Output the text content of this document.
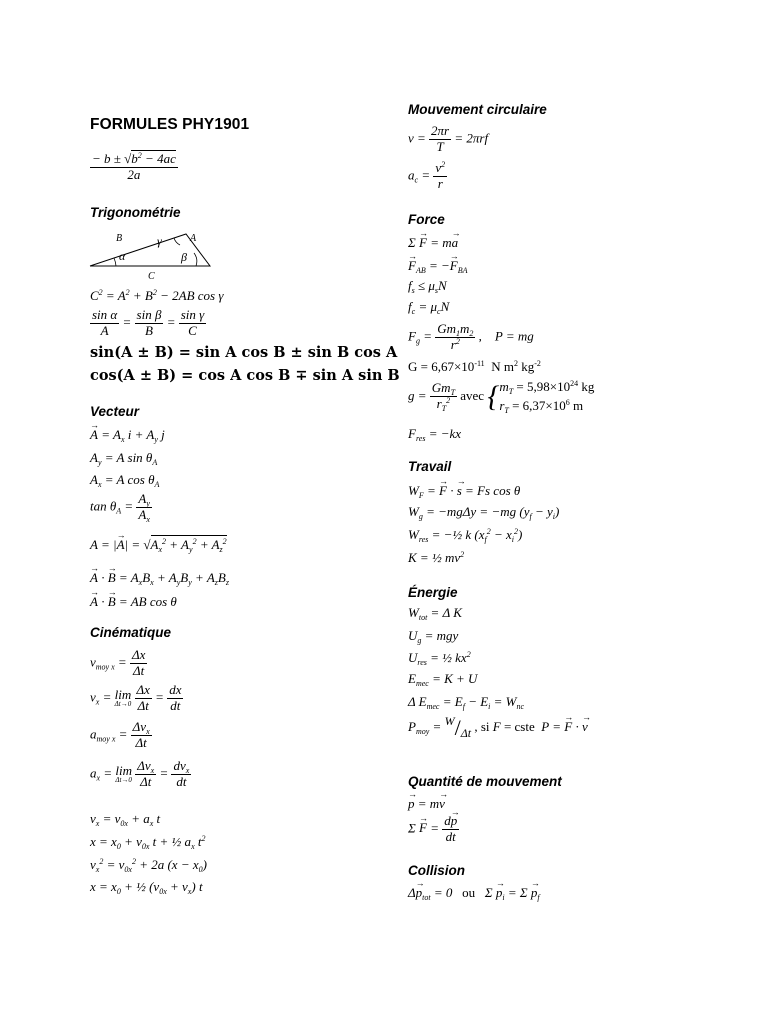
FORMULES PHY1901
$\frac{- b \pm √b^2 - 4ac}{2a}$
Trigonométrie
B	A
γ
α	β
C
$C^2 = A^2 + B^2 - 2AB$ cos γ
$\frac{\text{sin α}}{A} = \frac{\text{sin β}}{B} = \frac{\text{sin γ}}{C}$
sin(A ± B) = sin A cos B ± sin B cos A
cos(A ± B) = cos A cos B ∓ sin A sin B
Vecteur
→ $A = A_x$ $i + A_y$ j
$A_y = A$ $\sin \theta_A$
$A_x = A$ $\cos \theta_A$
$\tan \theta_A = \frac{A_y}{A_x}$
A = |→ $A| = √A_x^2 + A_y^2 + A_z^2$
→ A · → $B = A_xB_x + A_yB_y + A_zB_z$
→ A · → B = AB cos θ
Cinématique
$v_{moy x} = \frac{\Delta x}{\Delta t}$
$v_x = \lim$
Δt→0
$\frac{\Delta x}{\Delta t} = \frac{dx}{dt}$
$a_{moy x} = \Delta v_x$
Δt
$a_x = \lim$
Δt→0

$\Delta v_x$
Δt
= $dv_x$
dt
$v_x = v_{0x} + a_x$ t
$x = x_0 + v_{0x}$ t + ½ $a_x$ $t^2$
$v_x^2 = v_{0x}^2 + 2a$ $(x - x_0)$
$x = x_0$ + ½ $(v_{0x} + v_x)$ t
Mouvement circulaire
$v = \frac{2\pi r}{T} = 2\pi rf$
$a_c = \frac{v^2}{r}$
Force
Σ → F = m→ a
→ $F_{AB}$ = −→ $F_{BA}$
$f_s \le \mu_sN$
$f_c = \mu_cN$
$F_g = \frac{Gm_1m_2}{r^2}$ ,    P = mg
$G = 6,67\times 10^{-11}$ N $m^2$ $kg^{-2}$
$g = Gm_T$
$r_T^2$ avec { $m_T = 5,98\times 10^{24}$ kg
$r_T = 6,37\times 10^6$ m
$F_{res} = -kx$
Travail
$W_F$ = → F · → s = Fs cos θ
$W_g = -mg\Delta y = -mg$ $(y_f - y_i)$
$W_{res}$ = −½ k $(x_f^2 - x_i^2)$
K = ½ $mv^2$
Énergie
$W_{tot} = \Delta$ K
$U_g$ = mgy
$U_{res}$ = ½ $kx^2$
$E_{mec} = K + U$
Δ $E_{mec} = E_f - E_i = W_{nc}$
$P_{moy} = ^W/_{\Delta t}$ , si F = cste  P = → F · → v
Quantité de mouvement
→ p = m→ v
$\Sigma \to F = \frac{d\to p}{dt}$
Collision
$\Delta\to p_{tot} = 0$   ou   $\Sigma \to p_i = \Sigma \to p_f$
